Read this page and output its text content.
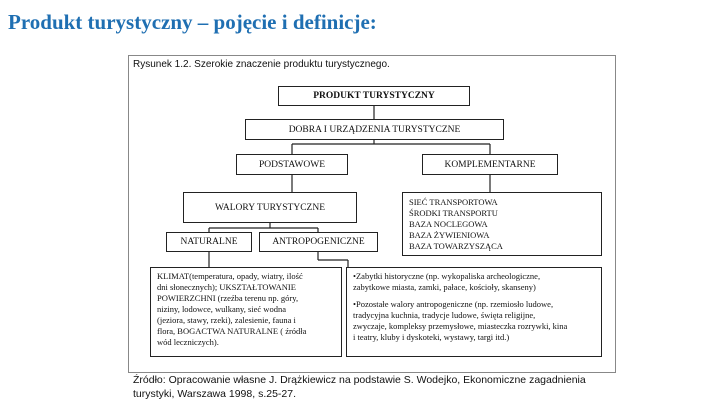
Produkt turystyczny – pojęcie i definicje:
Rysunek 1.2. Szerokie znaczenie produktu turystycznego.
PRODUKT TURYSTYCZNY
DOBRA I URZĄDZENIA TURYSTYCZNE
PODSTAWOWE	KOMPLEMENTARNE
WALORY TURYSTYCZNE
SIEĆ TRANSPORTOWA
ŚRODKI TRANSPORTU
BAZA NOCLEGOWA
BAZA ŻYWIENIOWA
BAZA TOWARZYSZĄCA
NATURALNE	ANTROPOGENICZNE
KLIMAT(temperatura, opady, wiatry, ilość
dni słonecznych); UKSZTAŁTOWANIE
POWIERZCHNI (rzeźba terenu np. góry,
niziny, lodowce, wulkany, sieć wodna
(jeziora, stawy, rzeki), zalesienie, fauna i
flora, BOGACTWA NATURALNE ( źródła
wód leczniczych).
•Zabytki historyczne (np. wykopaliska archeologiczne,
zabytkowe miasta, zamki, pałace, kościoły, skanseny)
•Pozostałe walory antropogeniczne (np. rzemiosło ludowe,
tradycyjna kuchnia, tradycje ludowe, święta religijne,
zwyczaje, kompleksy przemysłowe, miasteczka rozrywki, kina
i teatry, kluby i dyskoteki, wystawy, targi itd.)
Źródło: Opracowanie własne J. Drążkiewicz na podstawie S. Wodejko, Ekonomiczne zagadnienia
turystyki, Warszawa 1998, s.25-27.
